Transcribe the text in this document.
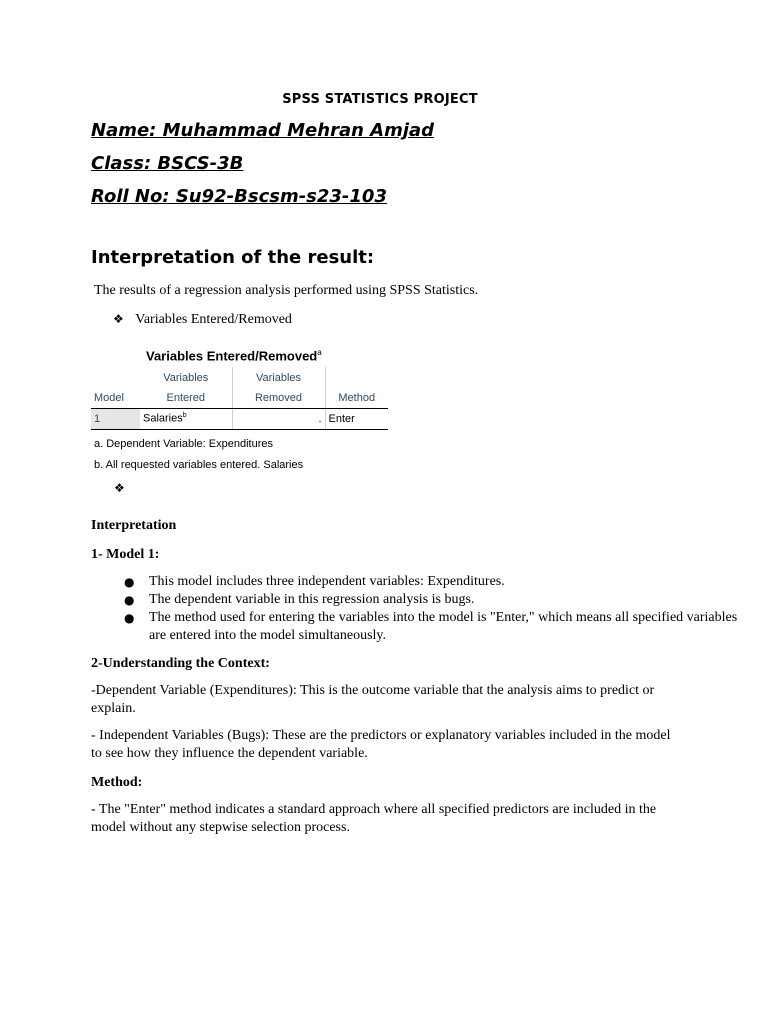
SPSS STATISTICS PROJECT
Name: Muhammad Mehran Amjad
Class: BSCS-3B
Roll No: Su92-Bscsm-s23-103
Interpretation of the result:
The results of a regression analysis performed using SPSS Statistics.
❖ Variables Entered/Removed
Variables Entered/Removed$^a$
	Variables	Variables	
Model	Entered	Removed	Method
1	Salaries$^b$	.	Enter
a. Dependent Variable: Expenditures
b. All requested variables entered. Salaries
❖
Interpretation
1- Model 1:
● This model includes three independent variables: Expenditures.
● The dependent variable in this regression analysis is bugs.
● The method used for entering the variables into the model is "Enter," which means all specified variables are entered into the model simultaneously.
2-Understanding the Context:
-Dependent Variable (Expenditures): This is the outcome variable that the analysis aims to predict or explain.
- Independent Variables (Bugs): These are the predictors or explanatory variables included in the model to see how they influence the dependent variable.
Method:
- The "Enter" method indicates a standard approach where all specified predictors are included in the model without any stepwise selection process.
